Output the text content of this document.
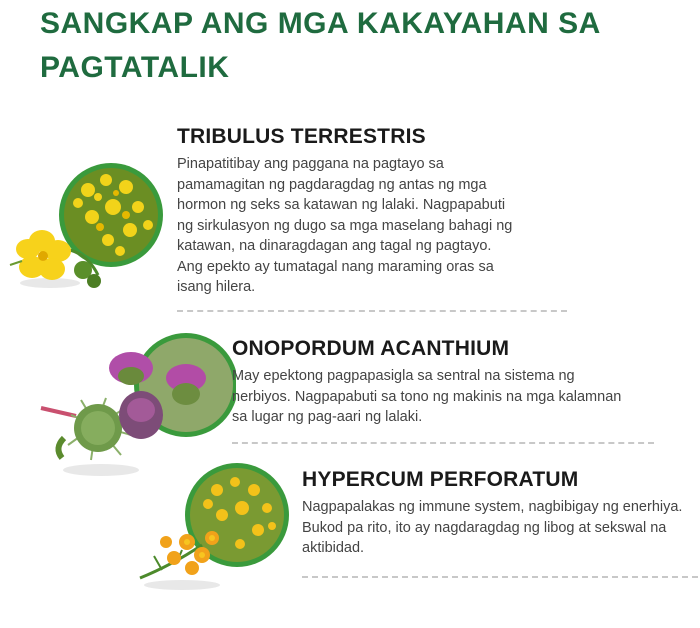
SANGKAP ANG MGA KAKAYAHAN SA PAGTATALIK
TRIBULUS TERRESTRIS

Pinapatitibay ang paggana na pagtayo sa pamamagitan ng pagdaragdag ng antas ng mga hormon ng seks sa katawan ng lalaki. Nagpapabuti ng sirkulasyon ng dugo sa mga maselang bahagi ng katawan, na dinaragdagan ang tagal ng pagtayo. Ang epekto ay tumatagal nang maraming oras sa isang hilera.

ONOPORDUM ACANTHIUM

May epektong pagpapasigla sa sentral na sistema ng nerbiyos. Nagpapabuti sa tono ng makinis na mga kalamnan sa lugar ng pag-aari ng lalaki.

HYPERCUM PERFORATUM

Nagpapalakas ng immune system, nagbibigay ng enerhiya. Bukod pa rito, ito ay nagdaragdag ng libog at sekswal na aktibidad.
